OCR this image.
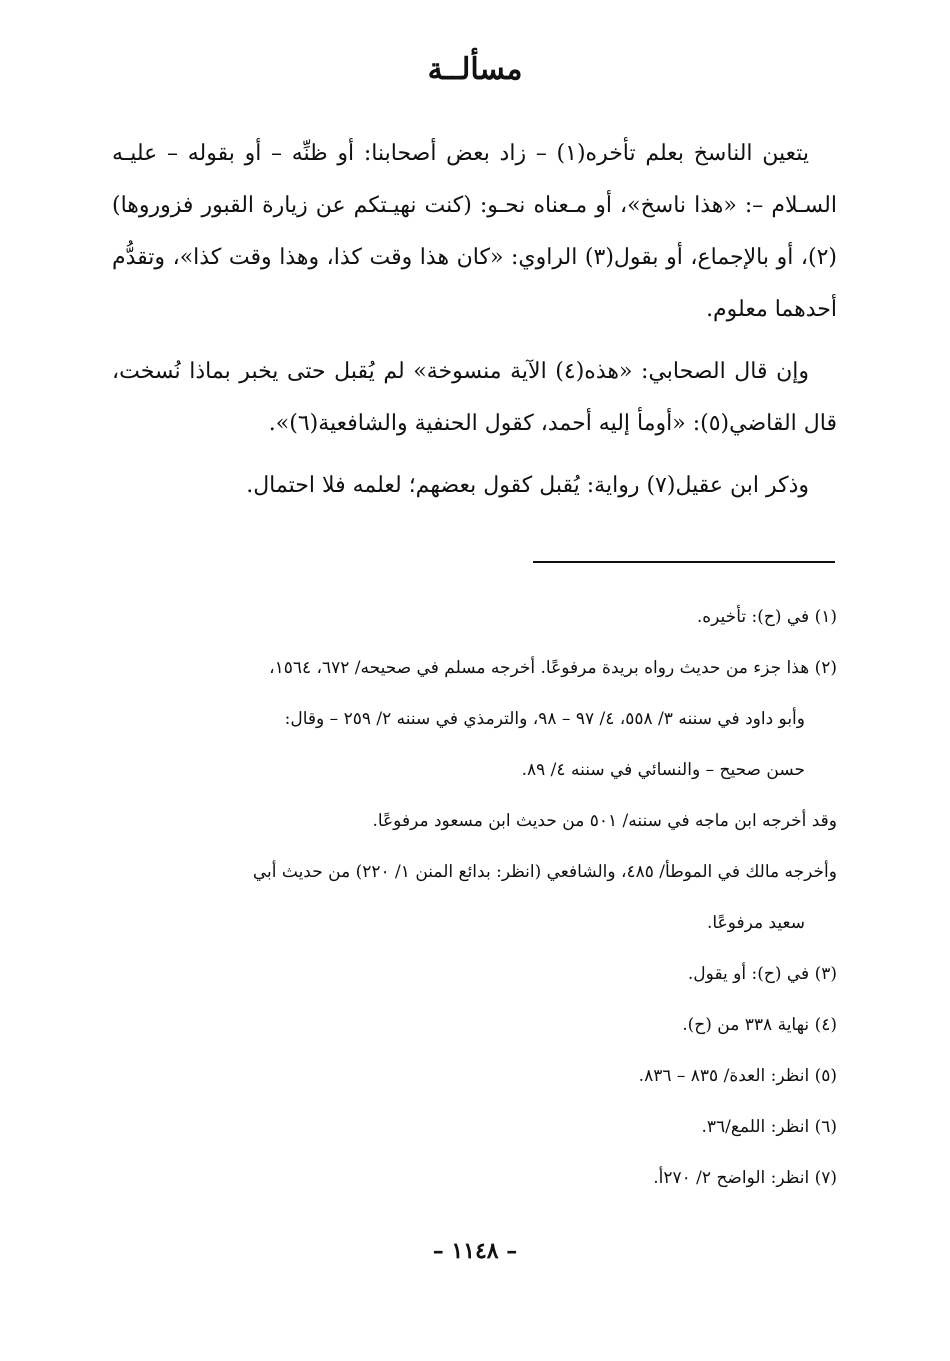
مسألــة

يتعين الناسخ بعلم تأخره(١) – زاد بعض أصحابنا: أو ظنِّه – أو بقوله – عليـه السـلام –: «هذا ناسخ»، أو مـعناه نحـو: (كنت نهيـتكم عن زيارة القبور فزوروها)(٢)، أو بالإجماع، أو بقول(٣) الراوي: «كان هذا وقت كذا، وهذا وقت كذا»، وتقدُّم أحدهما معلوم.

وإن قال الصحابي: «هذه(٤) الآية منسوخة» لم يُقبل حتى يخبر بماذا نُسخت، قال القاضي(٥): «أومأ إليه أحمد، كقول الحنفية والشافعية(٦)».

وذكر ابن عقيل(٧) رواية: يُقبل كقول بعضهم؛ لعلمه فلا احتمال.

(١) في (ح): تأخيره.

(٢) هذا جزء من حديث رواه بريدة مرفوعًا. أخرجه مسلم في صحيحه/ ٦٧٢، ١٥٦٤،

وأبو داود في سننه ٣/ ٥٥٨، ٤/ ٩٧ – ٩٨، والترمذي في سننه ٢/ ٢٥٩ – وقال:

حسن صحيح – والنسائي في سننه ٤/ ٨٩.

وقد أخرجه ابن ماجه في سننه/ ٥٠١ من حديث ابن مسعود مرفوعًا.

وأخرجه مالك في الموطأ/ ٤٨٥، والشافعي (انظر: بدائع المنن ١/ ٢٢٠) من حديث أبي

سعيد مرفوعًا.

(٣) في (ح): أو يقول.

(٤) نهاية ٣٣٨ من (ح).

(٥) انظر: العدة/ ٨٣٥ – ٨٣٦.

(٦) انظر: اللمع/٣٦.

(٧) انظر: الواضح ٢/ ٢٧٠أ.

– ١١٤٨ –
